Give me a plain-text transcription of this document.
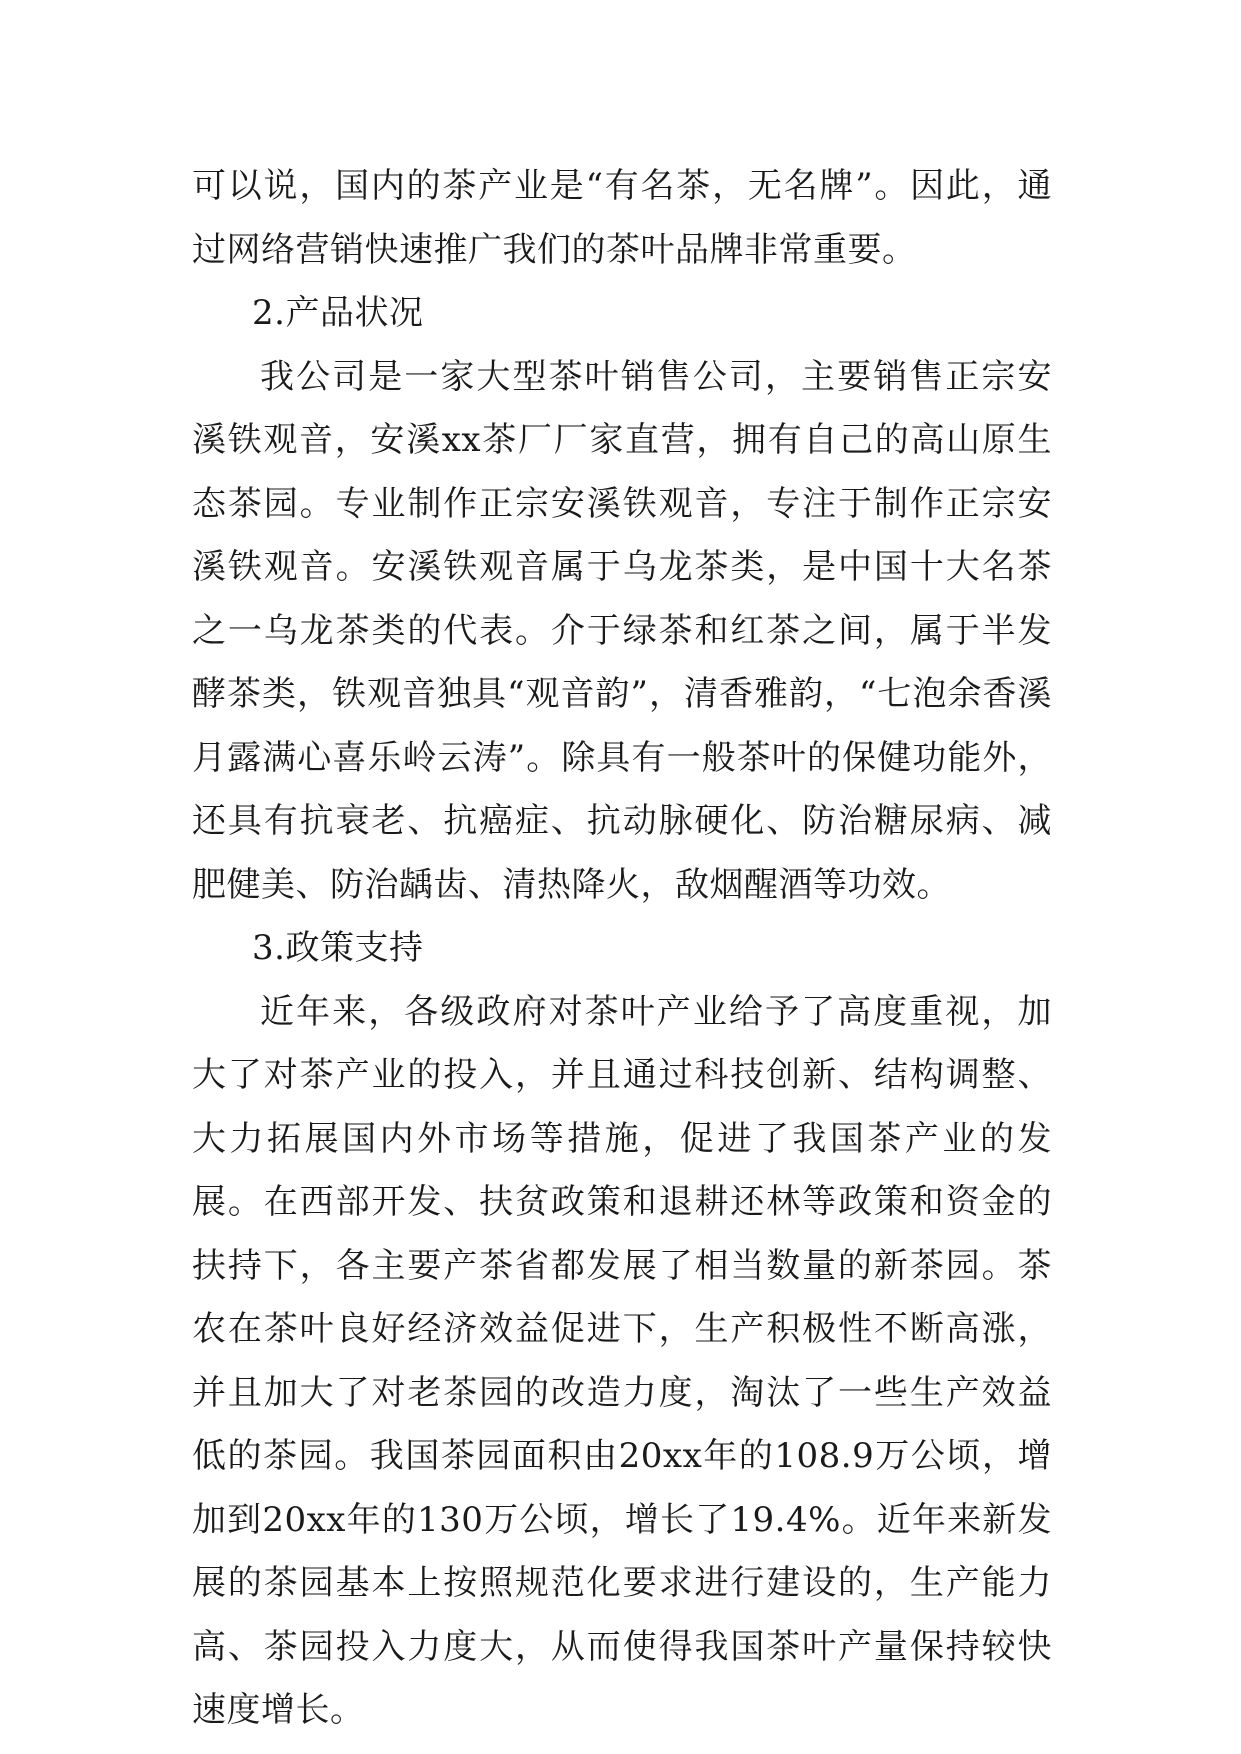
可以说，国内的茶产业是“有名茶，无名牌”。因此，通过网络营销快速推广我们的茶叶品牌非常重要。

2.产品状况

我公司是一家大型茶叶销售公司，主要销售正宗安溪铁观音，安溪xx茶厂厂家直营，拥有自己的高山原生态茶园。专业制作正宗安溪铁观音，专注于制作正宗安溪铁观音。安溪铁观音属于乌龙茶类，是中国十大名茶之一乌龙茶类的代表。介于绿茶和红茶之间，属于半发酵茶类，铁观音独具“观音韵”，清香雅韵，“七泡余香溪月露满心喜乐岭云涛”。除具有一般茶叶的保健功能外，还具有抗衰老、抗癌症、抗动脉硬化、防治糖尿病、减肥健美、防治龋齿、清热降火，敌烟醒酒等功效。

3.政策支持

近年来，各级政府对茶叶产业给予了高度重视，加大了对茶产业的投入，并且通过科技创新、结构调整、大力拓展国内外市场等措施，促进了我国茶产业的发展。在西部开发、扶贫政策和退耕还林等政策和资金的扶持下，各主要产茶省都发展了相当数量的新茶园。茶农在茶叶良好经济效益促进下，生产积极性不断高涨，并且加大了对老茶园的改造力度，淘汰了一些生产效益低的茶园。我国茶园面积由20xx年的108.9万公顷，增加到20xx年的130万公顷，增长了19.4%。近年来新发展的茶园基本上按照规范化要求进行建设的，生产能力高、茶园投入力度大，从而使得我国茶叶产量保持较快速度增长。
